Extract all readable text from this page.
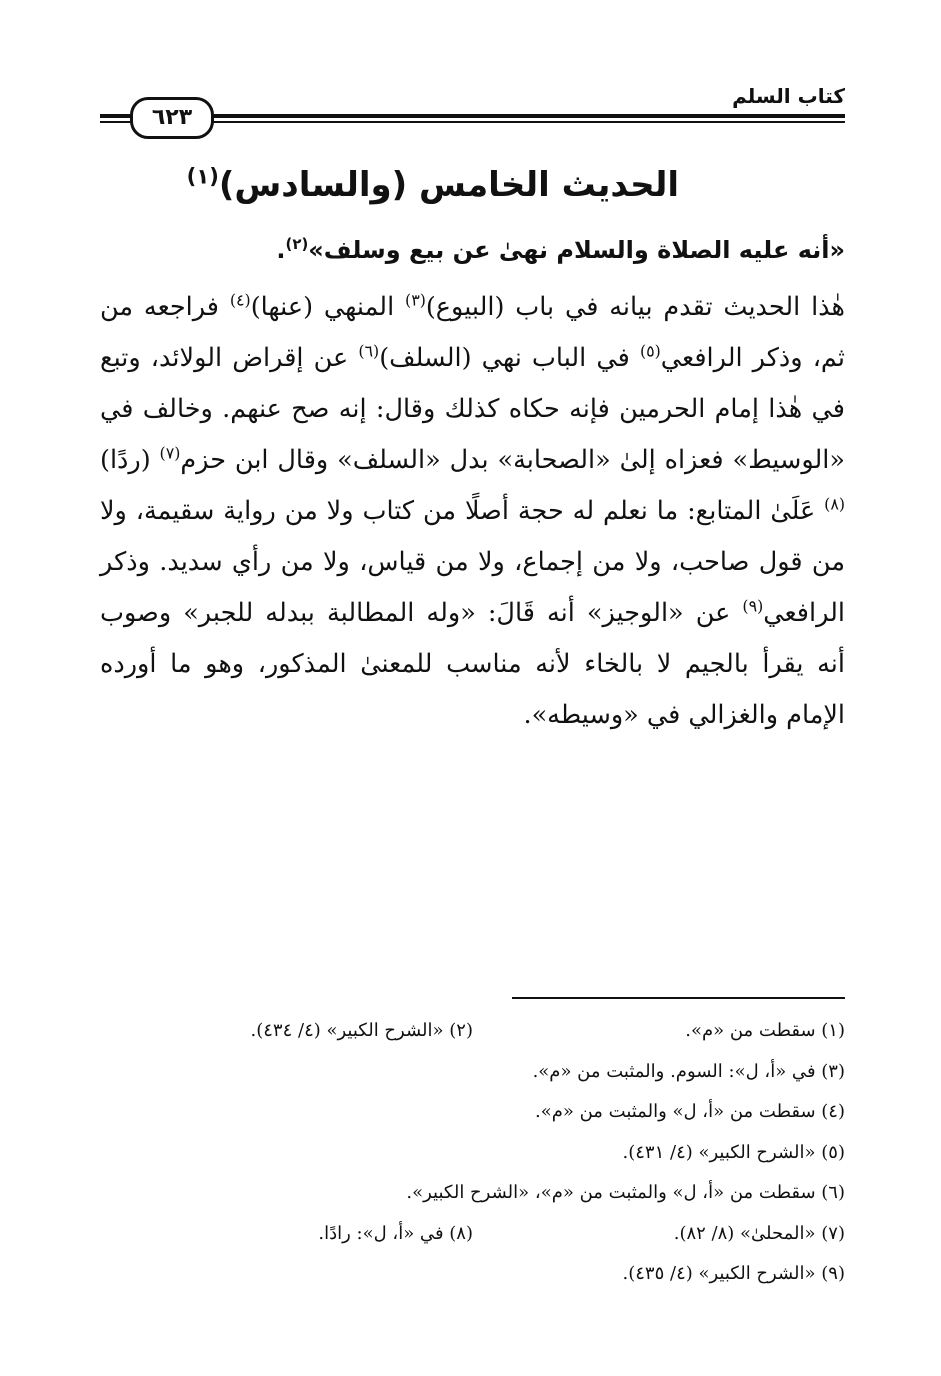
كتاب السلم
٦٢٣
الحديث الخامس (والسادس)$^{(١)}$
«أنه عليه الصلاة والسلام نهىٰ عن بيع وسلف»$^{(٢)}$.
هٰذا الحديث تقدم بيانه في باب (البيوع)$^{(٣)}$ المنهي (عنها)$^{(٤)}$ فراجعه من ثم، وذكر الرافعي$^{(٥)}$ في الباب نهي (السلف)$^{(٦)}$ عن إقراض الولائد، وتبع في هٰذا إمام الحرمين فإنه حكاه كذلك وقال: إنه صح عنهم. وخالف في «الوسيط» فعزاه إلىٰ «الصحابة» بدل «السلف» وقال ابن حزم$^{(٧)}$ (ردًا)$^{(٨)}$ عَلَىٰ المتابع: ما نعلم له حجة أصلًا من كتاب ولا من رواية سقيمة، ولا من قول صاحب، ولا من إجماع، ولا من قياس، ولا من رأي سديد. وذكر الرافعي$^{(٩)}$ عن «الوجيز» أنه قَالَ: «وله المطالبة ببدله للجبر» وصوب أنه يقرأ بالجيم لا بالخاء لأنه مناسب للمعنىٰ المذكور، وهو ما أورده الإمام والغزالي في «وسيطه».
(١) سقطت من «م».
(٢) «الشرح الكبير» (٤/ ٤٣٤).
(٣) في «أ، ل»: السوم. والمثبت من «م».
(٤) سقطت من «أ، ل» والمثبت من «م».
(٥) «الشرح الكبير» (٤/ ٤٣١).
(٦) سقطت من «أ، ل» والمثبت من «م»، «الشرح الكبير».
(٧) «المحلىٰ» (٨/ ٨٢).
(٨) في «أ، ل»: رادًا.
(٩) «الشرح الكبير» (٤/ ٤٣٥).
